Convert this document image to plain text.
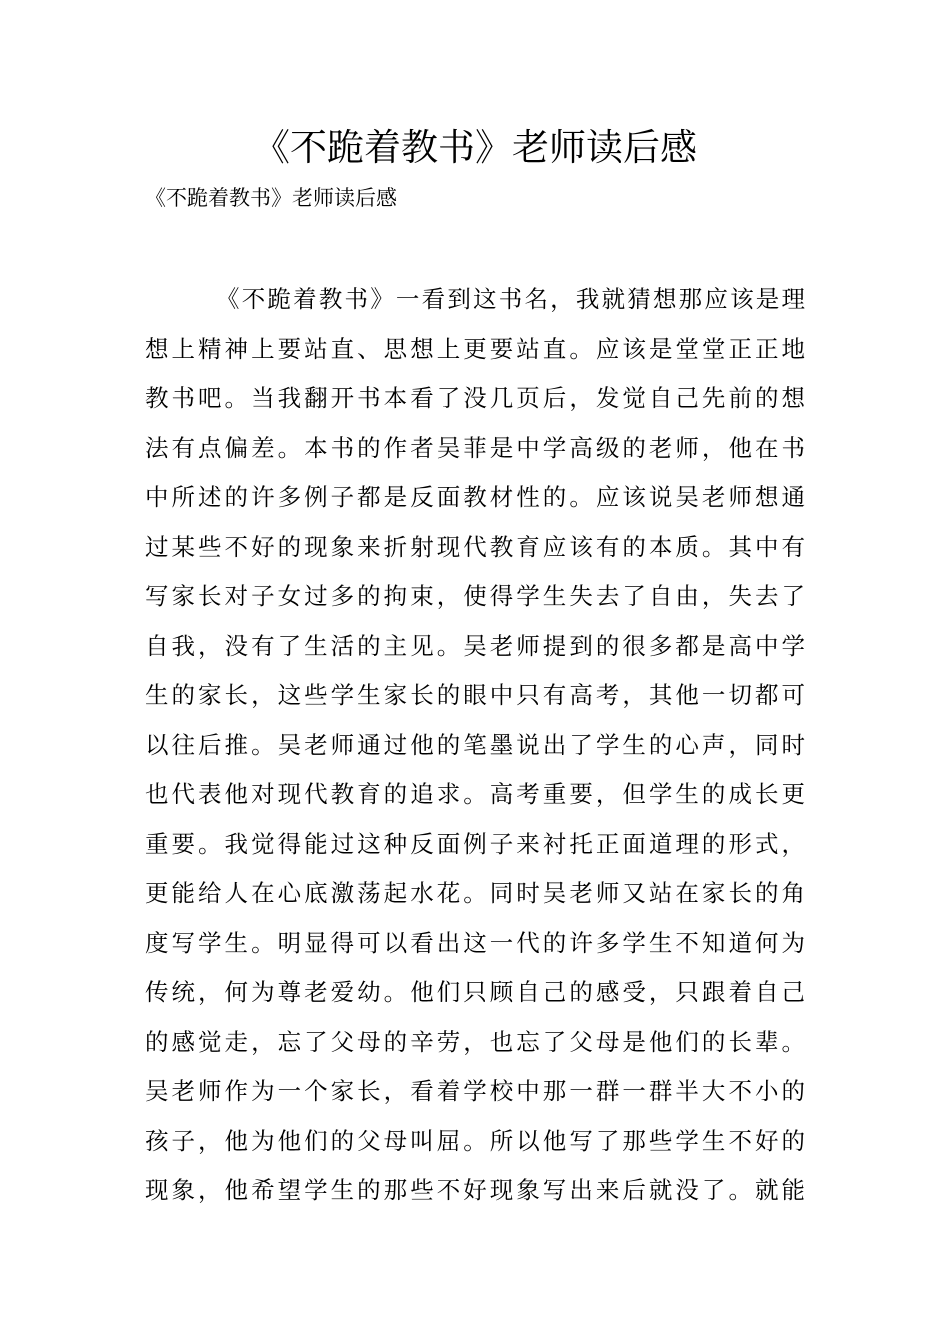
《不跪着教书》老师读后感

《不跪着教书》老师读后感

《不跪着教书》一看到这书名，我就猜想那应该是理
想上精神上要站直、思想上更要站直。应该是堂堂正正地
教书吧。当我翻开书本看了没几页后，发觉自己先前的想
法有点偏差。本书的作者吴菲是中学高级的老师，他在书
中所述的许多例子都是反面教材性的。应该说吴老师想通
过某些不好的现象来折射现代教育应该有的本质。其中有
写家长对子女过多的拘束，使得学生失去了自由，失去了
自我，没有了生活的主见。吴老师提到的很多都是高中学
生的家长，这些学生家长的眼中只有高考，其他一切都可
以往后推。吴老师通过他的笔墨说出了学生的心声，同时
也代表他对现代教育的追求。高考重要，但学生的成长更
重要。我觉得能过这种反面例子来衬托正面道理的形式，
更能给人在心底激荡起水花。同时吴老师又站在家长的角
度写学生。明显得可以看出这一代的许多学生不知道何为
传统，何为尊老爱幼。他们只顾自己的感受，只跟着自己
的感觉走，忘了父母的辛劳，也忘了父母是他们的长辈。
吴老师作为一个家长，看着学校中那一群一群半大不小的
孩子，他为他们的父母叫屈。所以他写了那些学生不好的
现象，他希望学生的那些不好现象写出来后就没了。就能
